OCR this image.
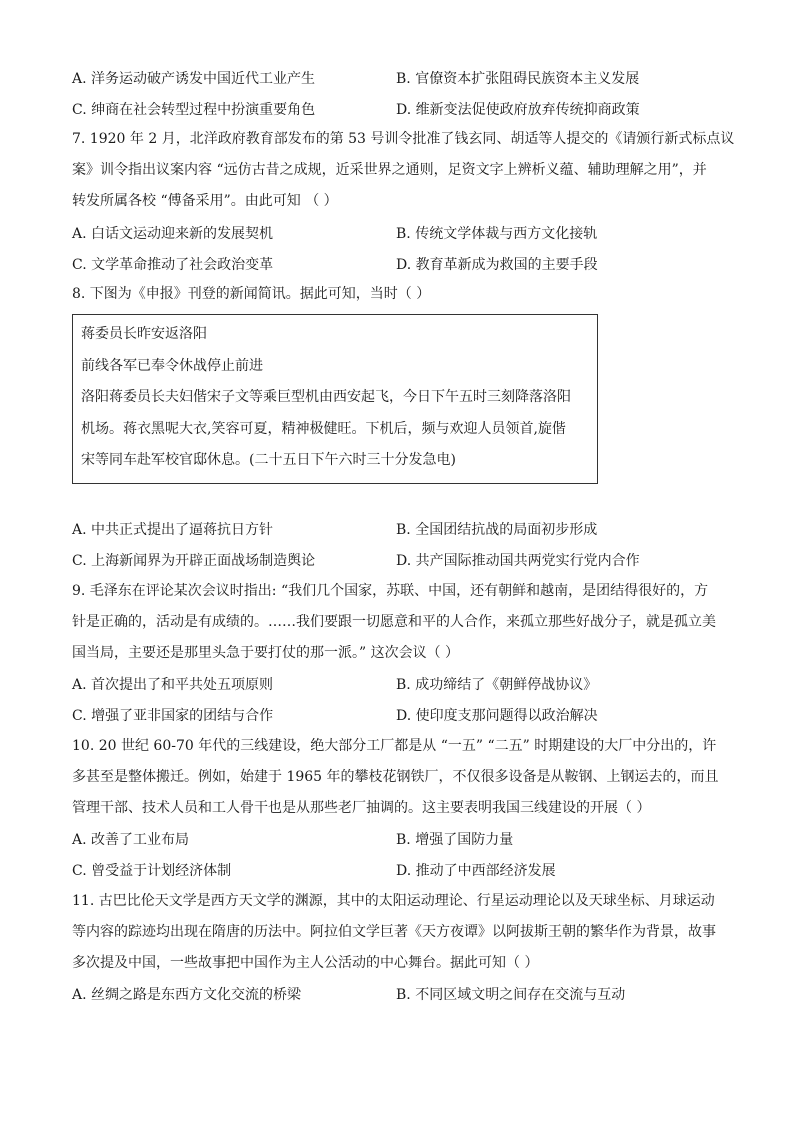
A. 洋务运动破产诱发中国近代工业产生	B. 官僚资本扩张阻碍民族资本主义发展
C. 绅商在社会转型过程中扮演重要角色	D. 维新变法促使政府放弃传统抑商政策
7. 1920 年 2 月，北洋政府教育部发布的第 53 号训令批准了钱玄同、胡适等人提交的《请颁行新式标点议
案》训令指出议案内容 “远仿古昔之成规，近采世界之通则，足资文字上辨析义蕴、辅助理解之用”，并
转发所属各校 “傅备采用”。由此可知 （ ）
A. 白话文运动迎来新的发展契机	B. 传统文学体裁与西方文化接轨
C. 文学革命推动了社会政治变革	D. 教育革新成为救国的主要手段
8. 下图为《申报》刊登的新闻简讯。据此可知，当时（ ）
蒋委员长昨安返洛阳
前线各军已奉令休战停止前进
洛阳蒋委员长夫妇偕宋子文等乘巨型机由西安起飞，今日下午五时三刻降落洛阳
机场。蒋衣黑呢大衣,笑容可夏，精神极健旺。下机后，频与欢迎人员领首,旋偕
宋等同车赴军校官邸休息。(二十五日下午六时三十分发急电)
A. 中共正式提出了逼蒋抗日方针	B. 全国团结抗战的局面初步形成
C. 上海新闻界为开辟正面战场制造舆论	D. 共产国际推动国共两党实行党内合作
9. 毛泽东在评论某次会议时指出: “我们几个国家，苏联、中国，还有朝鲜和越南，是团结得很好的，方
针是正确的，活动是有成绩的。……我们要跟一切愿意和平的人合作，来孤立那些好战分子，就是孤立美
国当局，主要还是那里头急于要打仗的那一派。” 这次会议（ ）
A. 首次提出了和平共处五项原则	B. 成功缔结了《朝鲜停战协议》
C. 增强了亚非国家的团结与合作	D. 使印度支那问题得以政治解决
10. 20 世纪 60-70 年代的三线建设，绝大部分工厂都是从 “一五” “二五” 时期建设的大厂中分出的，许
多甚至是整体搬迁。例如，始建于 1965 年的攀枝花钢铁厂，不仅很多设备是从鞍钢、上钢运去的，而且
管理干部、技术人员和工人骨干也是从那些老厂抽调的。这主要表明我国三线建设的开展（ ）
A. 改善了工业布局	B. 增强了国防力量
C. 曾受益于计划经济体制	D. 推动了中西部经济发展
11. 古巴比伦天文学是西方天文学的渊源，其中的太阳运动理论、行星运动理论以及天球坐标、月球运动
等内容的踪迹均出现在隋唐的历法中。阿拉伯文学巨著《天方夜谭》以阿拔斯王朝的繁华作为背景，故事
多次提及中国，一些故事把中国作为主人公活动的中心舞台。据此可知（ ）
A. 丝绸之路是东西方文化交流的桥梁	B. 不同区域文明之间存在交流与互动
